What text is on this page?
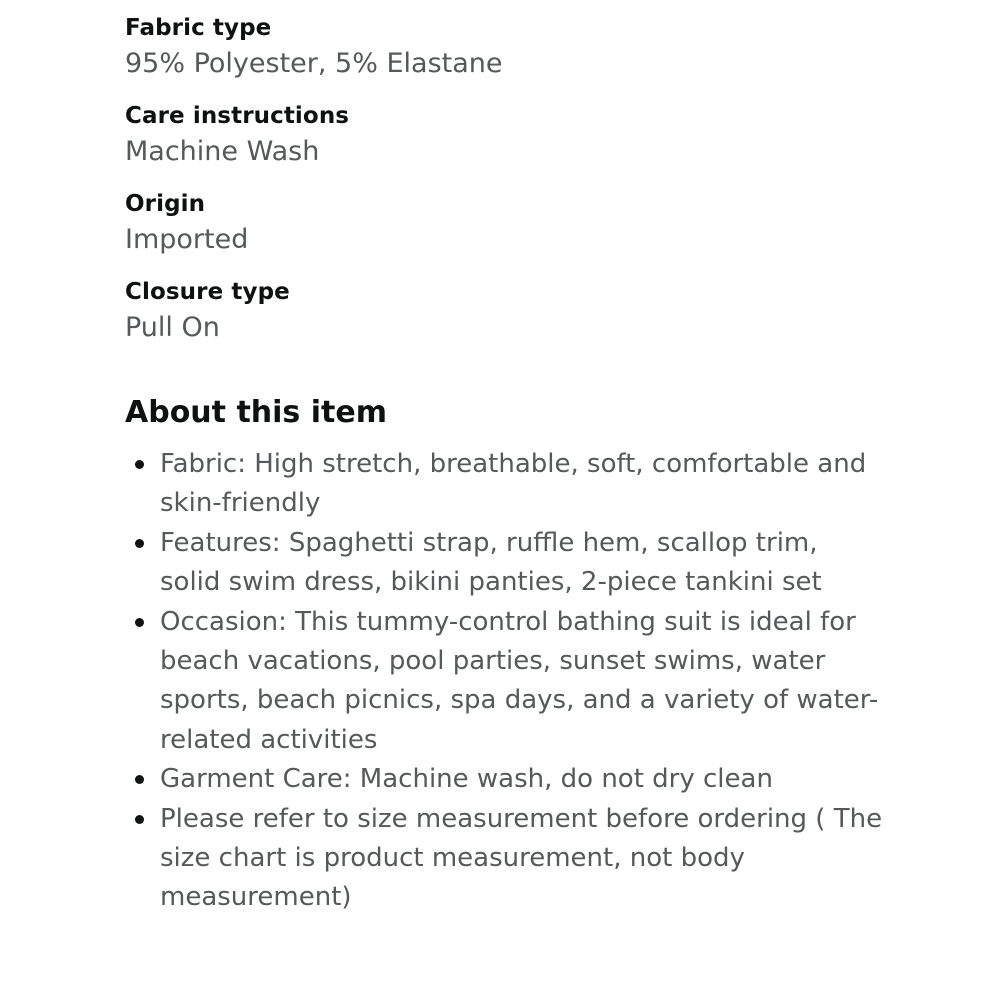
Fabric type
95% Polyester, 5% Elastane
Care instructions
Machine Wash
Origin
Imported
Closure type
Pull On
About this item
Fabric: High stretch, breathable, soft, comfortable and skin-friendly
Features: Spaghetti strap, ruffle hem, scallop trim, solid swim dress, bikini panties, 2-piece tankini set
Occasion: This tummy-control bathing suit is ideal for beach vacations, pool parties, sunset swims, water sports, beach picnics, spa days, and a variety of water-related activities
Garment Care: Machine wash, do not dry clean
Please refer to size measurement before ordering ( The size chart is product measurement, not body measurement)
